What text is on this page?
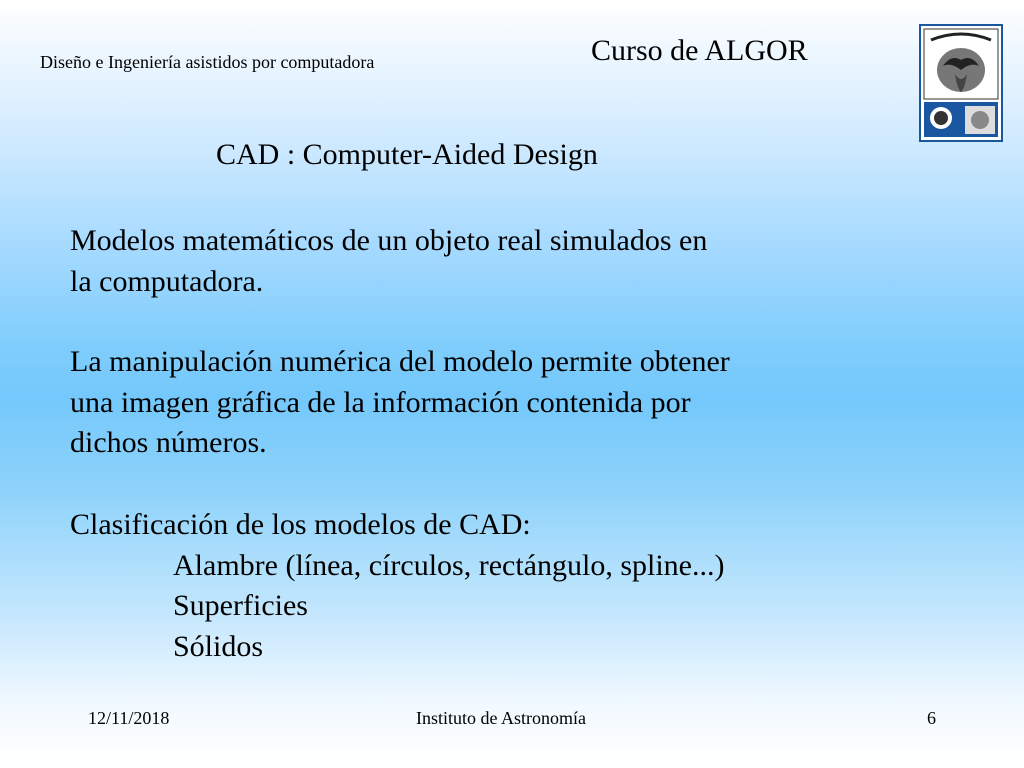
Diseño e Ingeniería asistidos por computadora	Curso de ALGOR
CAD : Computer-Aided Design
Modelos matemáticos de un objeto real simulados en
la computadora.
La manipulación numérica del modelo permite obtener
una imagen gráfica de la información contenida por
dichos números.
Clasificación de los modelos de CAD:
Alambre (línea, círculos, rectángulo, spline...)
Superficies
Sólidos
12/11/2018	Instituto de Astronomía	6
